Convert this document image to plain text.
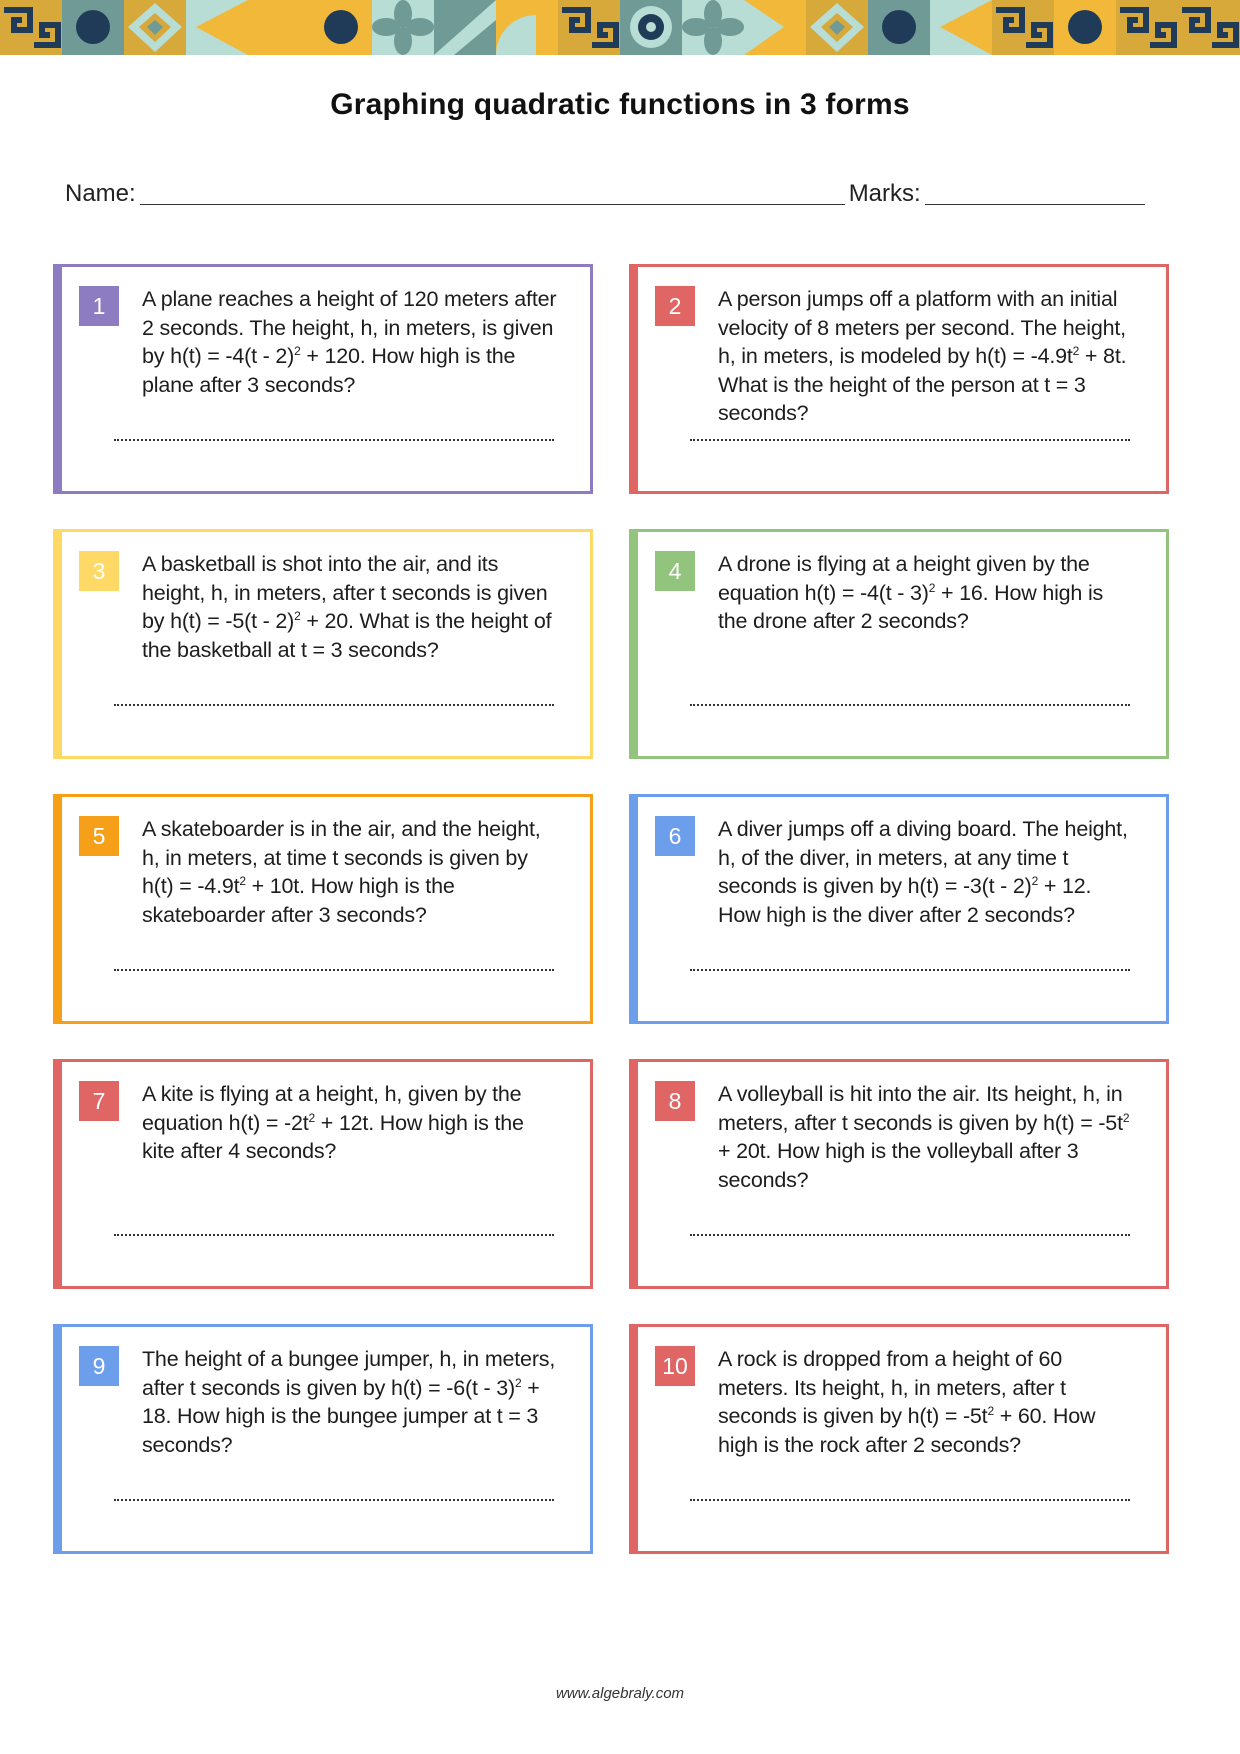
Graphing quadratic functions in 3 forms
Name:	Marks:
1	A plane reaches a height of 120 meters after
2 seconds. The height, h, in meters, is given
by h(t) = -4(t - 2)$^2$ + 120. How high is the
plane after 3 seconds?
2	A person jumps off a platform with an initial
velocity of 8 meters per second. The height,
h, in meters, is modeled by $h(t) = -4.9t^2 + 8t$.
What is the height of the person at t = 3
seconds?
3	A basketball is shot into the air, and its
height, h, in meters, after t seconds is given
by h(t) = -5(t - 2)$^2$ + 20. What is the height of
the basketball at t = 3 seconds?
4	A drone is flying at a height given by the
equation h(t) = -4(t - 3)$^2$ + 16. How high is
the drone after 2 seconds?
5	A skateboarder is in the air, and the height,
h, in meters, at time t seconds is given by
$h(t) = -4.9t^2 + 10t$. How high is the
skateboarder after 3 seconds?
6	A diver jumps off a diving board. The height,
h, of the diver, in meters, at any time t
seconds is given by h(t) = -3(t - 2)$^2$ + 12.
How high is the diver after 2 seconds?
7	A kite is flying at a height, h, given by the
equation $h(t) = -2t^2 + 12t$. How high is the
kite after 4 seconds?
8	A volleyball is hit into the air. Its height, h, in
meters, after t seconds is given by $h(t) = -5t^2$
+ 20t. How high is the volleyball after 3
seconds?
9	The height of a bungee jumper, h, in meters,
after t seconds is given by h(t) = -6(t - 3)$^2$ +
18. How high is the bungee jumper at t = 3
seconds?
10	A rock is dropped from a height of 60
meters. Its height, h, in meters, after t
seconds is given by $h(t) = -5t^2 + 60$. How
high is the rock after 2 seconds?
www.algebraly.com
